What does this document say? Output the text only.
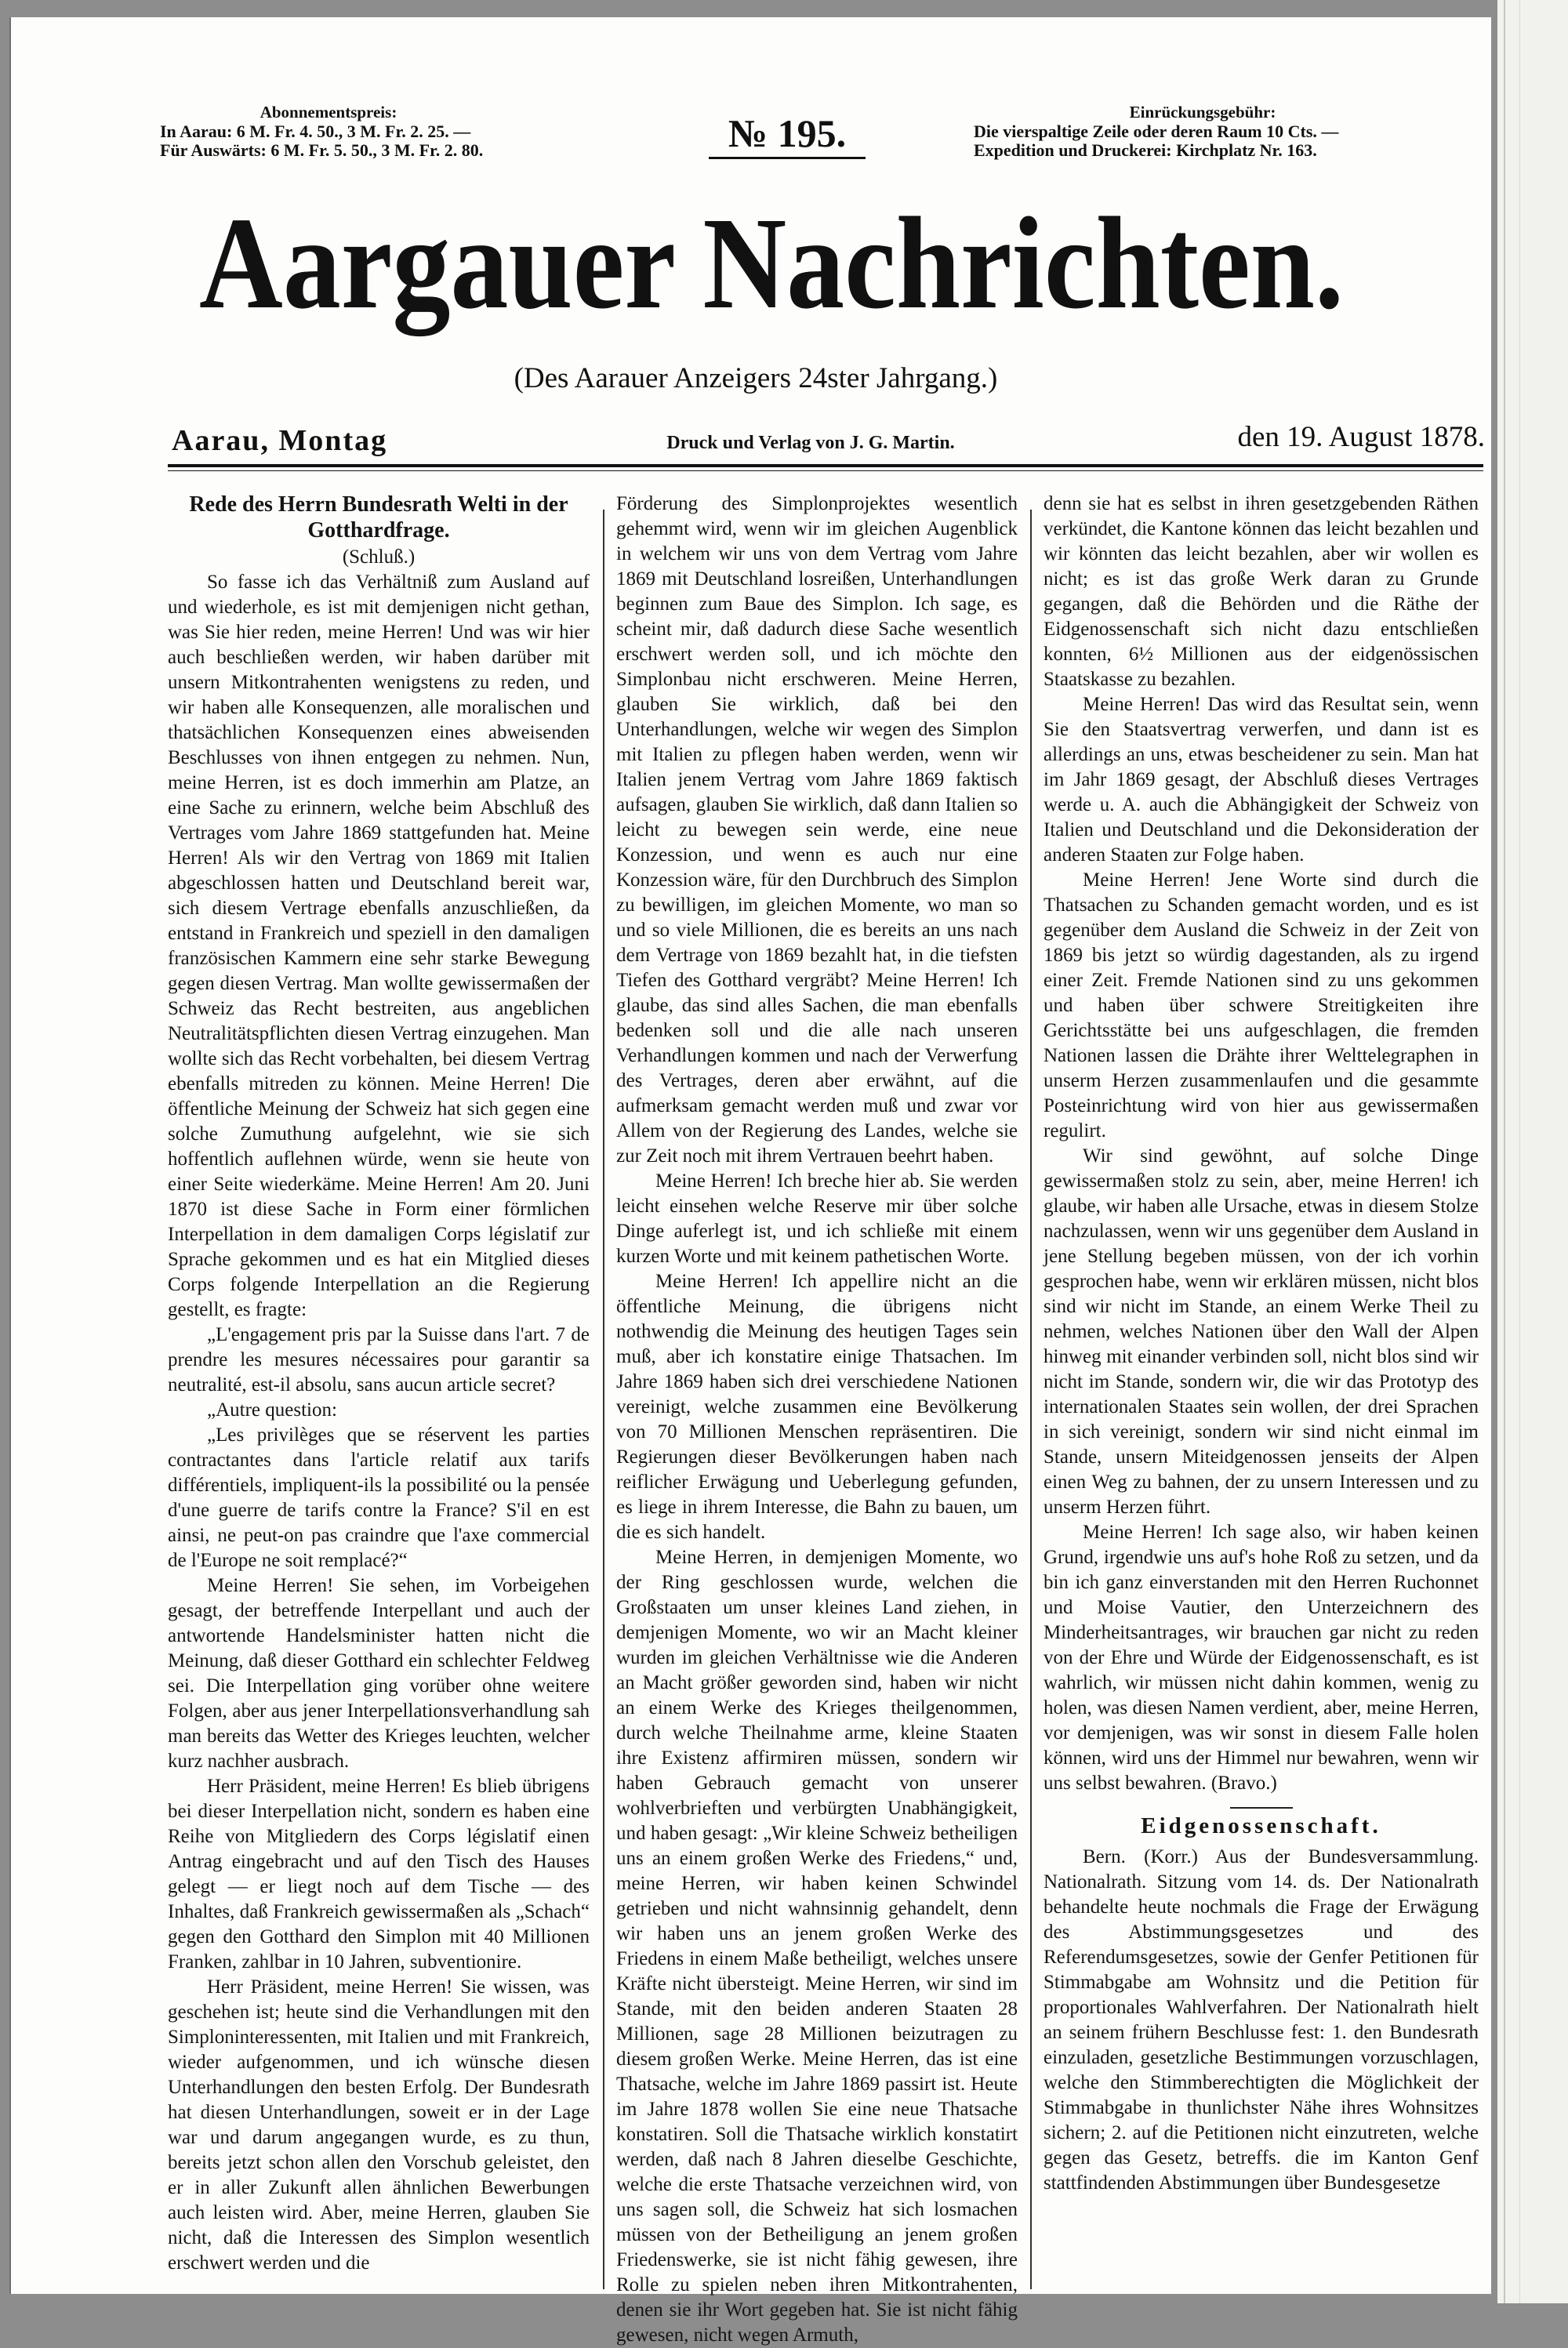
Abonnementspreis:
In Aarau: 6 M. Fr. 4. 50., 3 M. Fr. 2. 25. —
Für Auswärts: 6 M. Fr. 5. 50., 3 M. Fr. 2. 80.	№ 195.	Einrückungsgebühr:
Die vierspaltige Zeile oder deren Raum 10 Cts. —
Expedition und Druckerei: Kirchplatz Nr. 163.
Aargauer Nachrichten.
(Des Aarauer Anzeigers 24ster Jahrgang.)
Aarau, Montag	Druck und Verlag von J. G. Martin.	den 19. August 1878.

Rede des Herrn Bundesrath Welti in der Gotthardfrage.

(Schluß.)

So fasse ich das Verhältniß zum Ausland auf und wiederhole, es ist mit demjenigen nicht gethan, was Sie hier reden, meine Herren! Und was wir hier auch beschließen werden, wir haben darüber mit unsern Mitkontrahenten wenigstens zu reden, und wir haben alle Konsequenzen, alle moralischen und thatsächlichen Konsequenzen eines abweisenden Beschlusses von ihnen entgegen zu nehmen. Nun, meine Herren, ist es doch immerhin am Platze, an eine Sache zu erinnern, welche beim Abschluß des Vertrages vom Jahre 1869 stattgefunden hat. Meine Herren! Als wir den Vertrag von 1869 mit Italien abgeschlossen hatten und Deutschland bereit war, sich diesem Vertrage ebenfalls anzuschließen, da entstand in Frankreich und speziell in den damaligen französischen Kammern eine sehr starke Bewegung gegen diesen Vertrag. Man wollte gewissermaßen der Schweiz das Recht bestreiten, aus angeblichen Neutralitätspflichten diesen Vertrag einzugehen. Man wollte sich das Recht vorbehalten, bei diesem Vertrag ebenfalls mitreden zu können. Meine Herren! Die öffentliche Meinung der Schweiz hat sich gegen eine solche Zumuthung aufgelehnt, wie sie sich hoffentlich auflehnen würde, wenn sie heute von einer Seite wiederkäme. Meine Herren! Am 20. Juni 1870 ist diese Sache in Form einer förmlichen Interpellation in dem damaligen Corps législatif zur Sprache gekommen und es hat ein Mitglied dieses Corps folgende Interpellation an die Regierung gestellt, es fragte:

„L'engagement pris par la Suisse dans l'art. 7 de prendre les mesures nécessaires pour garantir sa neutralité, est-il absolu, sans aucun article secret?

„Autre question:

„Les privilèges que se réservent les parties contractantes dans l'article relatif aux tarifs différentiels, impliquent-ils la possibilité ou la pensée d'une guerre de tarifs contre la France? S'il en est ainsi, ne peut-on pas craindre que l'axe commercial de l'Europe ne soit remplacé?“

Meine Herren! Sie sehen, im Vorbeigehen gesagt, der betreffende Interpellant und auch der antwortende Handelsminister hatten nicht die Meinung, daß dieser Gotthard ein schlechter Feldweg sei. Die Interpellation ging vorüber ohne weitere Folgen, aber aus jener Interpellationsverhandlung sah man bereits das Wetter des Krieges leuchten, welcher kurz nachher ausbrach.

Herr Präsident, meine Herren! Es blieb übrigens bei dieser Interpellation nicht, sondern es haben eine Reihe von Mitgliedern des Corps législatif einen Antrag eingebracht und auf den Tisch des Hauses gelegt — er liegt noch auf dem Tische — des Inhaltes, daß Frankreich gewissermaßen als „Schach“ gegen den Gotthard den Simplon mit 40 Millionen Franken, zahlbar in 10 Jahren, subventionire.

Herr Präsident, meine Herren! Sie wissen, was geschehen ist; heute sind die Verhandlungen mit den Simploninteressenten, mit Italien und mit Frankreich, wieder aufgenommen, und ich wünsche diesen Unterhandlungen den besten Erfolg. Der Bundesrath hat diesen Unterhandlungen, soweit er in der Lage war und darum angegangen wurde, es zu thun, bereits jetzt schon allen den Vorschub geleistet, den er in aller Zukunft allen ähnlichen Bewerbungen auch leisten wird. Aber, meine Herren, glauben Sie nicht, daß die Interessen des Simplon wesentlich erschwert werden und die

Förderung des Simplonprojektes wesentlich gehemmt wird, wenn wir im gleichen Augenblick in welchem wir uns von dem Vertrag vom Jahre 1869 mit Deutschland losreißen, Unterhandlungen beginnen zum Baue des Simplon. Ich sage, es scheint mir, daß dadurch diese Sache wesentlich erschwert werden soll, und ich möchte den Simplonbau nicht erschweren. Meine Herren, glauben Sie wirklich, daß bei den Unterhandlungen, welche wir wegen des Simplon mit Italien zu pflegen haben werden, wenn wir Italien jenem Vertrag vom Jahre 1869 faktisch aufsagen, glauben Sie wirklich, daß dann Italien so leicht zu bewegen sein werde, eine neue Konzession, und wenn es auch nur eine Konzession wäre, für den Durchbruch des Simplon zu bewilligen, im gleichen Momente, wo man so und so viele Millionen, die es bereits an uns nach dem Vertrage von 1869 bezahlt hat, in die tiefsten Tiefen des Gotthard vergräbt? Meine Herren! Ich glaube, das sind alles Sachen, die man ebenfalls bedenken soll und die alle nach unseren Verhandlungen kommen und nach der Verwerfung des Vertrages, deren aber erwähnt, auf die aufmerksam gemacht werden muß und zwar vor Allem von der Regierung des Landes, welche sie zur Zeit noch mit ihrem Vertrauen beehrt haben.

Meine Herren! Ich breche hier ab. Sie werden leicht einsehen welche Reserve mir über solche Dinge auferlegt ist, und ich schließe mit einem kurzen Worte und mit keinem pathetischen Worte.

Meine Herren! Ich appellire nicht an die öffentliche Meinung, die übrigens nicht nothwendig die Meinung des heutigen Tages sein muß, aber ich konstatire einige Thatsachen. Im Jahre 1869 haben sich drei verschiedene Nationen vereinigt, welche zusammen eine Bevölkerung von 70 Millionen Menschen repräsentiren. Die Regierungen dieser Bevölkerungen haben nach reiflicher Erwägung und Ueberlegung gefunden, es liege in ihrem Interesse, die Bahn zu bauen, um die es sich handelt.

Meine Herren, in demjenigen Momente, wo der Ring geschlossen wurde, welchen die Großstaaten um unser kleines Land ziehen, in demjenigen Momente, wo wir an Macht kleiner wurden im gleichen Verhältnisse wie die Anderen an Macht größer geworden sind, haben wir nicht an einem Werke des Krieges theilgenommen, durch welche Theilnahme arme, kleine Staaten ihre Existenz affirmiren müssen, sondern wir haben Gebrauch gemacht von unserer wohlverbrieften und verbürgten Unabhängigkeit, und haben gesagt: „Wir kleine Schweiz betheiligen uns an einem großen Werke des Friedens,“ und, meine Herren, wir haben keinen Schwindel getrieben und nicht wahnsinnig gehandelt, denn wir haben uns an jenem großen Werke des Friedens in einem Maße betheiligt, welches unsere Kräfte nicht übersteigt. Meine Herren, wir sind im Stande, mit den beiden anderen Staaten 28 Millionen, sage 28 Millionen beizutragen zu diesem großen Werke. Meine Herren, das ist eine Thatsache, welche im Jahre 1869 passirt ist. Heute im Jahre 1878 wollen Sie eine neue Thatsache konstatiren. Soll die Thatsache wirklich konstatirt werden, daß nach 8 Jahren dieselbe Geschichte, welche die erste Thatsache verzeichnen wird, von uns sagen soll, die Schweiz hat sich losmachen müssen von der Betheiligung an jenem großen Friedenswerke, sie ist nicht fähig gewesen, ihre Rolle zu spielen neben ihren Mitkontrahenten, denen sie ihr Wort gegeben hat. Sie ist nicht fähig gewesen, nicht wegen Armuth,

denn sie hat es selbst in ihren gesetzgebenden Räthen verkündet, die Kantone können das leicht bezahlen und wir könnten das leicht bezahlen, aber wir wollen es nicht; es ist das große Werk daran zu Grunde gegangen, daß die Behörden und die Räthe der Eidgenossenschaft sich nicht dazu entschließen konnten, 6½ Millionen aus der eidgenössischen Staatskasse zu bezahlen.

Meine Herren! Das wird das Resultat sein, wenn Sie den Staatsvertrag verwerfen, und dann ist es allerdings an uns, etwas bescheidener zu sein. Man hat im Jahr 1869 gesagt, der Abschluß dieses Vertrages werde u. A. auch die Abhängigkeit der Schweiz von Italien und Deutschland und die Dekonsideration der anderen Staaten zur Folge haben.

Meine Herren! Jene Worte sind durch die Thatsachen zu Schanden gemacht worden, und es ist gegenüber dem Ausland die Schweiz in der Zeit von 1869 bis jetzt so würdig dagestanden, als zu irgend einer Zeit. Fremde Nationen sind zu uns gekommen und haben über schwere Streitigkeiten ihre Gerichtsstätte bei uns aufgeschlagen, die fremden Nationen lassen die Drähte ihrer Welttelegraphen in unserm Herzen zusammenlaufen und die gesammte Posteinrichtung wird von hier aus gewissermaßen regulirt.

Wir sind gewöhnt, auf solche Dinge gewissermaßen stolz zu sein, aber, meine Herren! ich glaube, wir haben alle Ursache, etwas in diesem Stolze nachzulassen, wenn wir uns gegenüber dem Ausland in jene Stellung begeben müssen, von der ich vorhin gesprochen habe, wenn wir erklären müssen, nicht blos sind wir nicht im Stande, an einem Werke Theil zu nehmen, welches Nationen über den Wall der Alpen hinweg mit einander verbinden soll, nicht blos sind wir nicht im Stande, sondern wir, die wir das Prototyp des internationalen Staates sein wollen, der drei Sprachen in sich vereinigt, sondern wir sind nicht einmal im Stande, unsern Miteidgenossen jenseits der Alpen einen Weg zu bahnen, der zu unsern Interessen und zu unserm Herzen führt.

Meine Herren! Ich sage also, wir haben keinen Grund, irgendwie uns auf's hohe Roß zu setzen, und da bin ich ganz einverstanden mit den Herren Ruchonnet und Moise Vautier, den Unterzeichnern des Minderheitsantrages, wir brauchen gar nicht zu reden von der Ehre und Würde der Eidgenossenschaft, es ist wahrlich, wir müssen nicht dahin kommen, wenig zu holen, was diesen Namen verdient, aber, meine Herren, vor demjenigen, was wir sonst in diesem Falle holen können, wird uns der Himmel nur bewahren, wenn wir uns selbst bewahren. (Bravo.)

Eidgenossenschaft.

Bern. (Korr.) Aus der Bundesversammlung. Nationalrath. Sitzung vom 14. ds. Der Nationalrath behandelte heute nochmals die Frage der Erwägung des Abstimmungsgesetzes und des Referendumsgesetzes, sowie der Genfer Petitionen für Stimmabgabe am Wohnsitz und die Petition für proportionales Wahlverfahren. Der Nationalrath hielt an seinem frühern Beschlusse fest: 1. den Bundesrath einzuladen, gesetzliche Bestimmungen vorzuschlagen, welche den Stimmberechtigten die Möglichkeit der Stimmabgabe in thunlichster Nähe ihres Wohnsitzes sichern; 2. auf die Petitionen nicht einzutreten, welche gegen das Gesetz, betreffs. die im Kanton Genf stattfindenden Abstimmungen über Bundesgesetze
